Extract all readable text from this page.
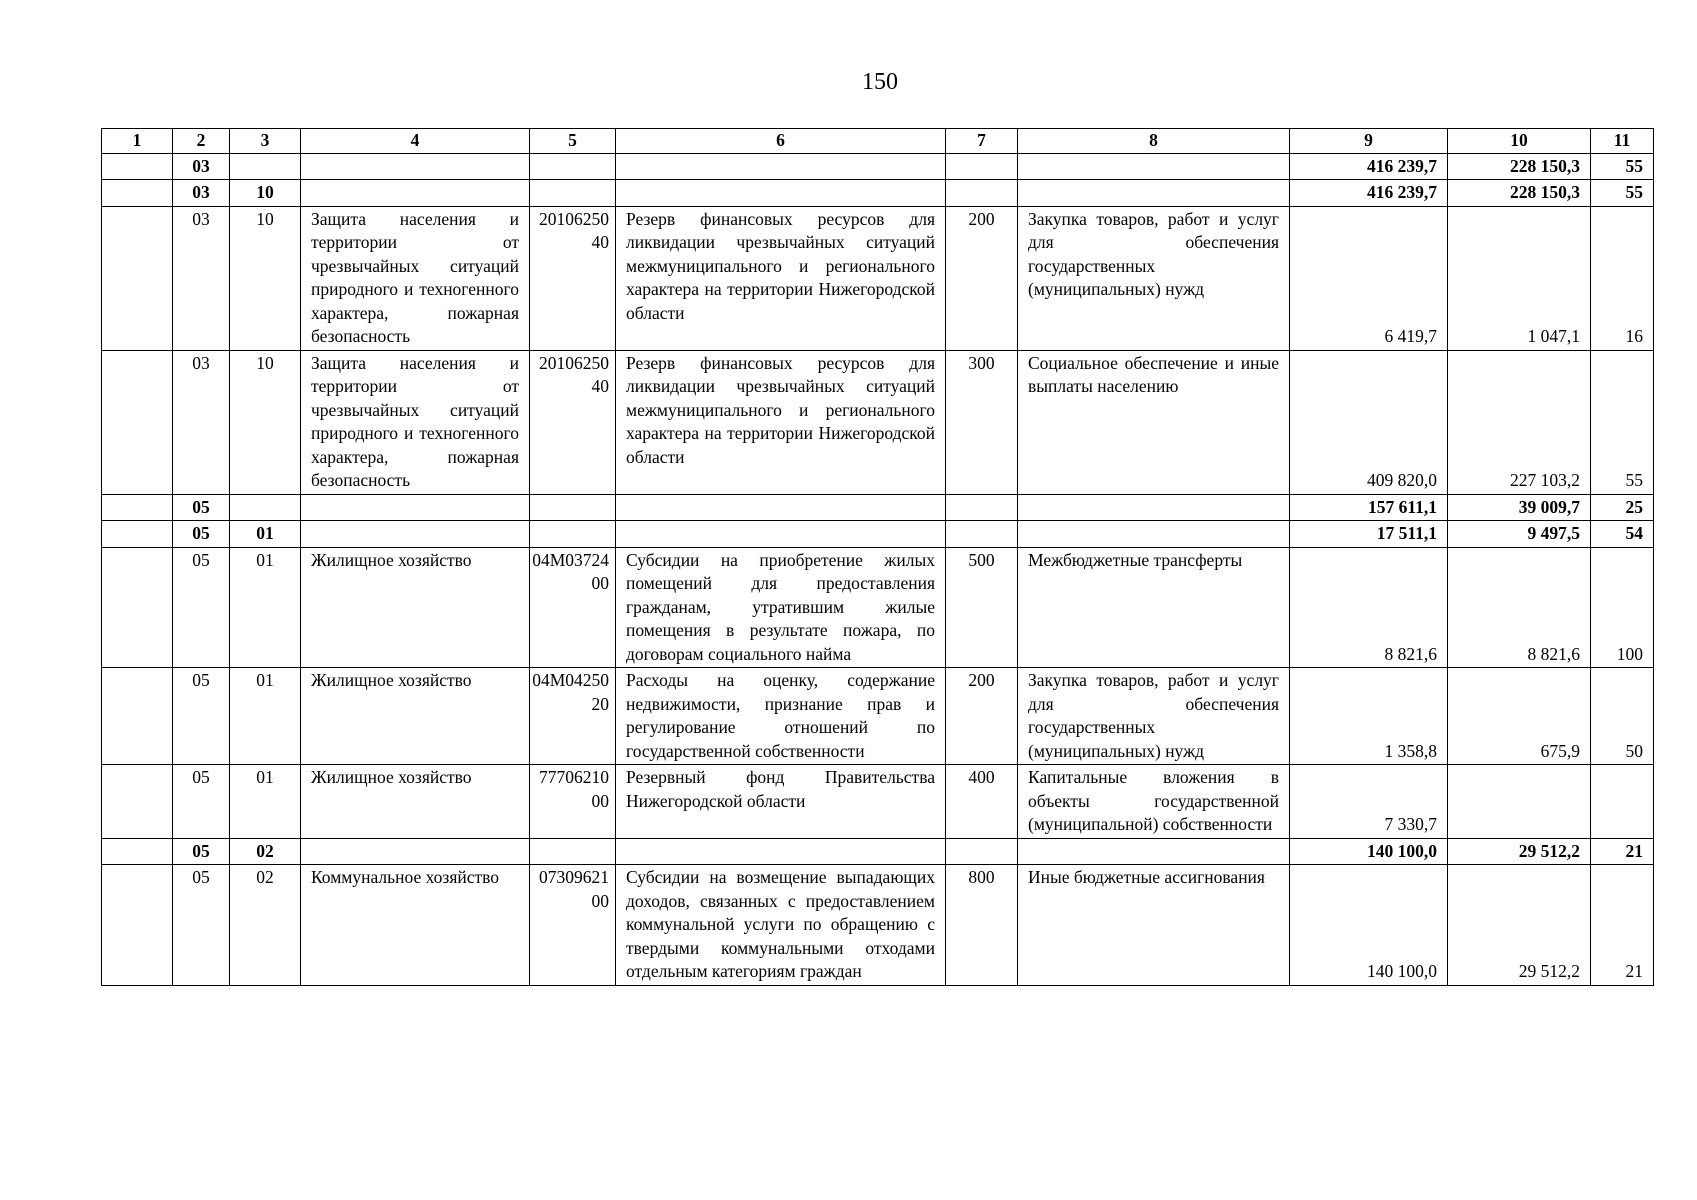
150
1	2	3	4	5	6	7	8	9	10	11
	03							416 239,7	228 150,3	55
	03	10						416 239,7	228 150,3	55
	03	10	Защита населения и территории от чрезвычайных ситуаций природного и техногенного характера, пожарная безопасность	2010625040	Резерв финансовых ресурсов для ликвидации чрезвычайных ситуаций межмуниципального и регионального характера на территории Нижегородской области	200	Закупка товаров, работ и услуг для обеспечения государственных (муниципальных) нужд	6 419,7	1 047,1	16
	03	10	Защита населения и территории от чрезвычайных ситуаций природного и техногенного характера, пожарная безопасность	2010625040	Резерв финансовых ресурсов для ликвидации чрезвычайных ситуаций межмуниципального и регионального характера на территории Нижегородской области	300	Социальное обеспечение и иные выплаты населению	409 820,0	227 103,2	55
	05							157 611,1	39 009,7	25
	05	01						17 511,1	9 497,5	54
	05	01	Жилищное хозяйство	04М0372400	Субсидии на приобретение жилых помещений для предоставления гражданам, утратившим жилые помещения в результате пожара, по договорам социального найма	500	Межбюджетные трансферты	8 821,6	8 821,6	100
	05	01	Жилищное хозяйство	04М0425020	Расходы на оценку, содержание недвижимости, признание прав и регулирование отношений по государственной собственности	200	Закупка товаров, работ и услуг для обеспечения государственных (муниципальных) нужд	1 358,8	675,9	50
	05	01	Жилищное хозяйство	7770621000	Резервный фонд Правительства Нижегородской области	400	Капитальные вложения в объекты государственной (муниципальной) собственности	7 330,7		
	05	02						140 100,0	29 512,2	21
	05	02	Коммунальное хозяйство	0730962100	Субсидии на возмещение выпадающих доходов, связанных с предоставлением коммунальной услуги по обращению с твердыми коммунальными отходами отдельным категориям граждан	800	Иные бюджетные ассигнования	140 100,0	29 512,2	21
